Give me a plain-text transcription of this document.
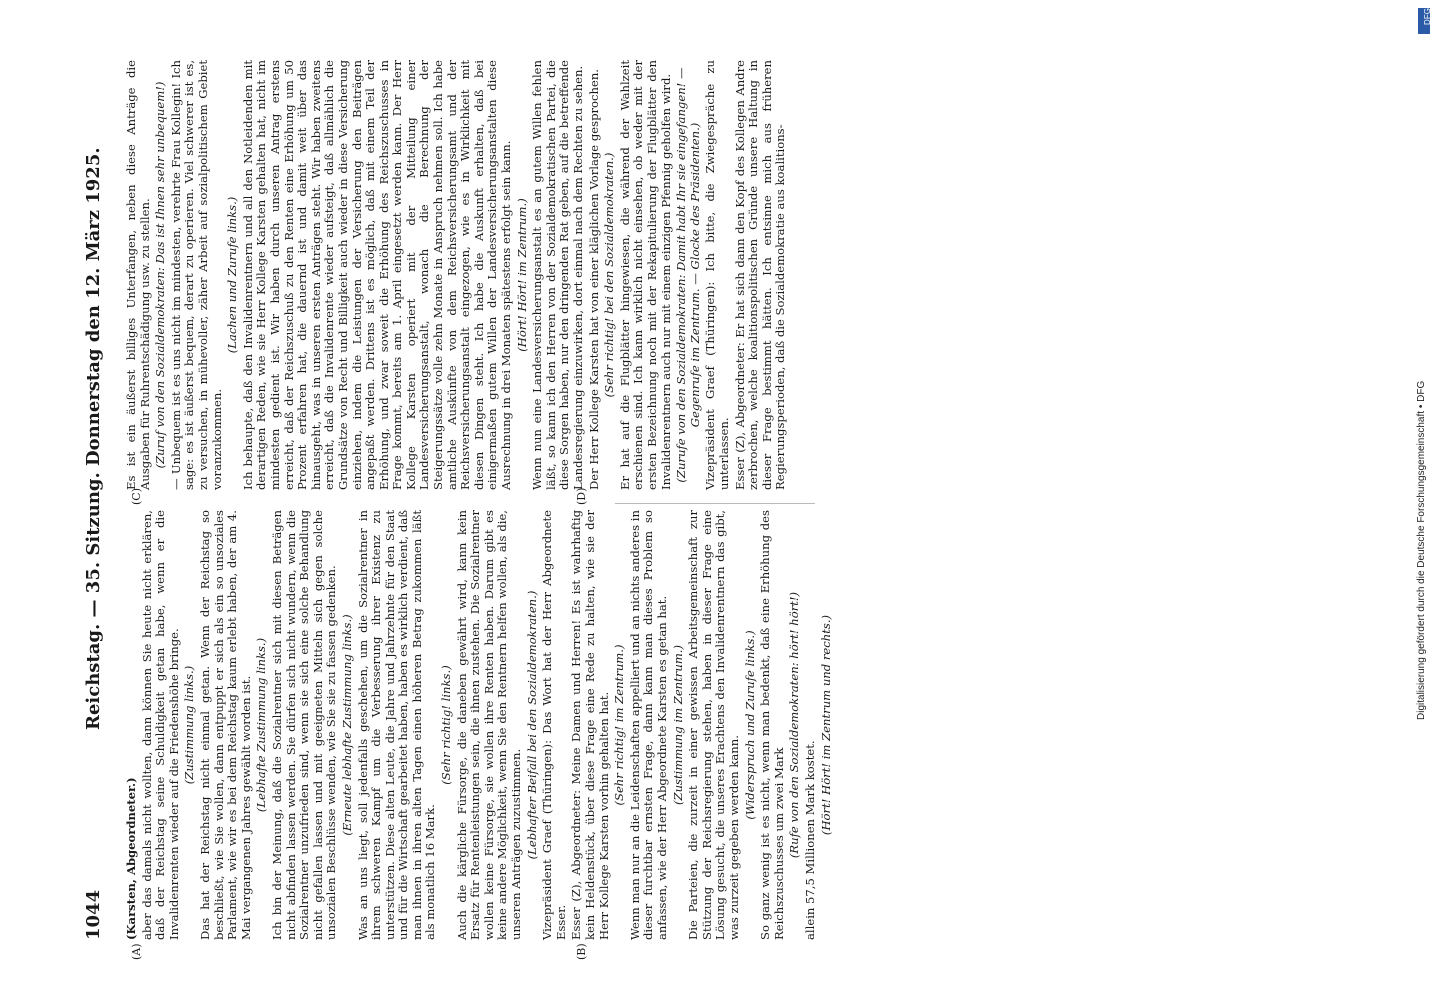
1044
Reichstag. — 35. Sitzung. Donnerstag den 12. März 1925.
(A)	(B)
(C)	(D)

(Karsten, Abgeordneter.) aber das damals nicht wollten, dann können Sie heute nicht erklären, daß der Reichstag seine Schuldigkeit getan habe, wenn er die Invalidenrenten wieder auf die Friedenshöhe bringe. (Zustimmung links.) Das hat der Reichstag nicht einmal getan. Wenn der Reichstag so beschließt, wie Sie wollen, dann entpuppt er sich als ein so unsoziales Parlament, wie wir es bei dem Reichstag kaum erlebt haben, der am 4. Mai vergangenen Jahres gewählt worden ist. (Lebhafte Zustimmung links.) Ich bin der Meinung, daß die Sozialrentner sich mit diesen Beträgen nicht abfinden lassen werden. Sie dürfen sich nicht wundern, wenn die Sozialrentner unzufrieden sind, wenn sie sich eine solche Behandlung nicht gefallen lassen und mit geeigneten Mitteln sich gegen solche unsozialen Beschlüsse wenden, wie Sie sie zu fassen gedenken. (Erneute lebhafte Zustimmung links.) Was an uns liegt, soll jedenfalls geschehen, um die Sozialrentner in ihrem schweren Kampf um die Verbesserung ihrer Existenz zu unterstützen. Diese alten Leute, die Jahre und Jahrzehnte für den Staat und für die Wirtschaft gearbeitet haben, haben es wirklich verdient, daß man ihnen in ihren alten Tagen einen höheren Betrag zukommen läßt als monatlich 16 Mark.

(Sehr richtig! links.) Auch die kärgliche Fürsorge, die daneben gewährt wird, kann kein Ersatz für Rentenleistungen sein, die ihnen zustehen. Die Sozialrentner wollen keine Fürsorge, sie wollen ihre Renten haben. Darum gibt es keine andere Möglichkeit, wenn Sie den Rentnern helfen wollen, als die, unseren Anträgen zuzustimmen. (Lebhafter Beifall bei den Sozialdemokraten.) Vizepräsident Graef (Thüringen): Das Wort hat der Herr Abgeordnete Esser. Esser (Z), Abgeordneter: Meine Damen und Herren! Es ist wahrhaftig kein Heldenstück, über diese Frage eine Rede zu halten, wie sie der Herr Kollege Karsten vorhin gehalten hat. (Sehr richtig! im Zentrum.) Wenn man nur an die Leidenschaften appelliert und an nichts anderes in dieser furchtbar ernsten Frage, dann kann man dieses Problem so anfassen, wie der Herr Abgeordnete Karsten es getan hat. (Zustimmung im Zentrum.) Die Parteien, die zurzeit in einer gewissen Arbeitsgemeinschaft zur Stützung der Reichsregierung stehen, haben in dieser Frage eine Lösung gesucht, die unseres Erachtens den Invalidenrentnern das gibt, was zurzeit gegeben werden kann.

(Widerspruch und Zurufe links.) So ganz wenig ist es nicht, wenn man bedenkt, daß eine Erhöhung des Reichszuschusses um zwei Mark (Rufe von den Sozialdemokraten: hört! hört!) allein 57,5 Millionen Mark kostet.

(Hört! Hört! im Zentrum und rechts.)

Es ist ein äußerst billiges Unterfangen, neben diese Anträge die Ausgaben für Ruhrentschädigung usw. zu stellen. (Zuruf von den Sozialdemokraten: Das ist Ihnen sehr unbequem!) — Unbequem ist es uns nicht im mindesten, verehrte Frau Kollegin! Ich sage: es ist äußerst bequem, derart zu operieren. Viel schwerer ist es, zu versuchen, in mühevoller, zäher Arbeit auf sozialpolitischem Gebiet voranzukommen.

(Lachen und Zurufe links.) Ich behaupte, daß den Invalidenrentnern und all den Notleidenden mit derartigen Reden, wie sie Herr Kollege Karsten gehalten hat, nicht im mindesten gedient ist. Wir haben durch unseren Antrag erstens erreicht, daß der Reichszuschuß zu den Renten eine Erhöhung um 50 Prozent erfahren hat, die dauernd ist und damit weit über das hinausgeht, was in unseren ersten Anträgen steht. Wir haben zweitens erreicht, daß die Invalidenrente wieder aufsteigt, daß allmählich die Grundsätze von Recht und Billigkeit auch wieder in diese Versicherung einziehen, indem die Leistungen der Versicherung den Beiträgen angepaßt werden. Drittens ist es möglich, daß mit einem Teil der Erhöhung, und zwar soweit die Erhöhung des Reichszuschusses in Frage kommt, bereits am 1. April eingesetzt werden kann. Der Herr Kollege Karsten operiert mit der Mitteilung einer Landesversicherungsanstalt, wonach die Berechnung der Steigerungssätze volle zehn Monate in Anspruch nehmen soll. Ich habe amtliche Auskünfte von dem Reichsversicherungsamt und der Reichsversicherungsanstalt eingezogen, wie es in Wirklichkeit mit diesen Dingen steht. Ich habe die Auskunft erhalten, daß bei einigermaßen gutem Willen der Landesversicherungsanstalten diese Ausrechnung in drei Monaten spätestens erfolgt sein kann. (Hört! Hört! im Zentrum.) Wenn nun eine Landesversicherungsanstalt es an gutem Willen fehlen läßt, so kann ich den Herren von der Sozialdemokratischen Partei, die diese Sorgen haben, nur den dringenden Rat geben, auf die betreffende Landesregierung einzuwirken, dort einmal nach dem Rechten zu sehen. Der Herr Kollege Karsten hat von einer kläglichen Vorlage gesprochen. (Sehr richtig! bei den Sozialdemokraten.) Er hat auf die Flugblätter hingewiesen, die während der Wahlzeit erschienen sind. Ich kann wirklich nicht einsehen, ob weder mit der ersten Bezeichnung noch mit der Rekapitulierung der Flugblätter den Invalidenrentnern auch nur mit einem einzigen Pfennig geholfen wird. (Zurufe von den Sozialdemokraten: Damit habt Ihr sie eingefangen! — Gegenrufe im Zentrum. — Glocke des Präsidenten.) Vizepräsident Graef (Thüringen): Ich bitte, die Zwiegespräche zu unterlassen. Esser (Z), Abgeordneter: Er hat sich dann den Kopf des Kollegen Andre zerbrochen, welche koalitionspolitischen Gründe unsere Haltung in dieser Frage bestimmt hätten. Ich entsinne mich aus früheren Regierungsperioden, daß die Sozialdemokratie aus koalitions-

DFG
Digitalisierung gefördert durch die Deutsche Forschungsgemeinschaft • DFG
